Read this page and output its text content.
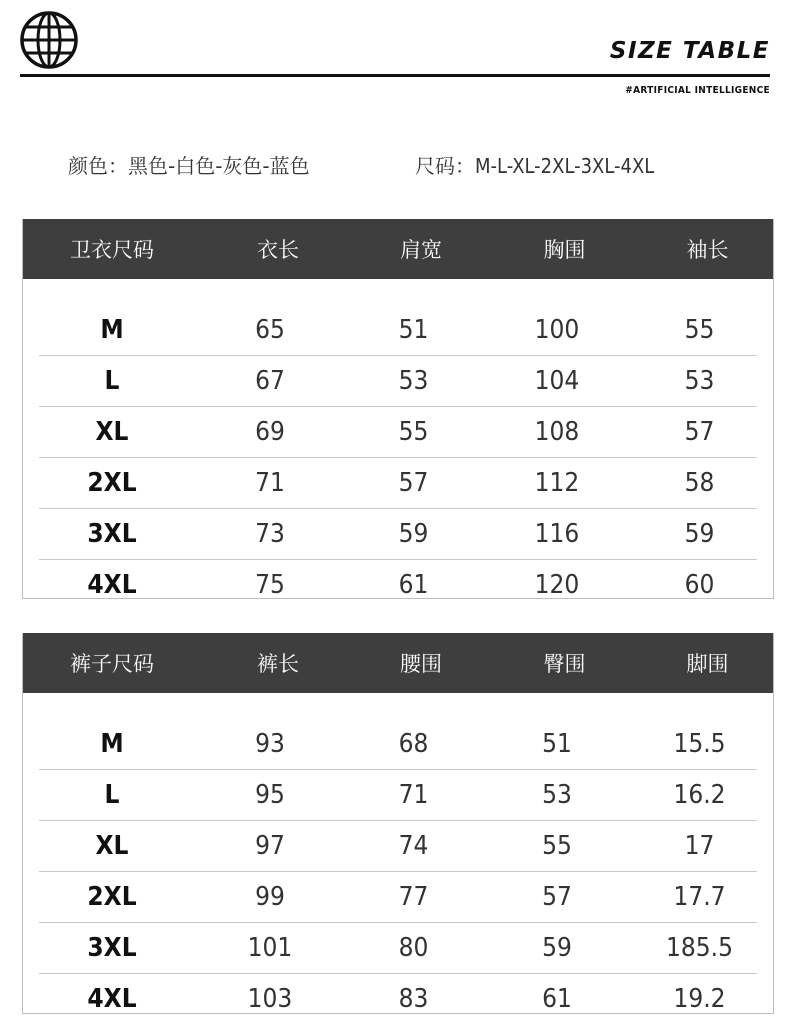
SIZE TABLE
#ARTIFICIAL INTELLIGENCE
颜色：黑色-白色-灰色-蓝色	尺码：M-L-XL-2XL-3XL-4XL
卫衣尺码	衣长	肩宽	胸围	袖长
M	65	51	100	55
L	67	53	104	53
XL	69	55	108	57
2XL	71	57	112	58
3XL	73	59	116	59
4XL	75	61	120	60
裤子尺码	裤长	腰围	臀围	脚围
M	93	68	51	15.5
L	95	71	53	16.2
XL	97	74	55	17
2XL	99	77	57	17.7
3XL	101	80	59	185.5
4XL	103	83	61	19.2
